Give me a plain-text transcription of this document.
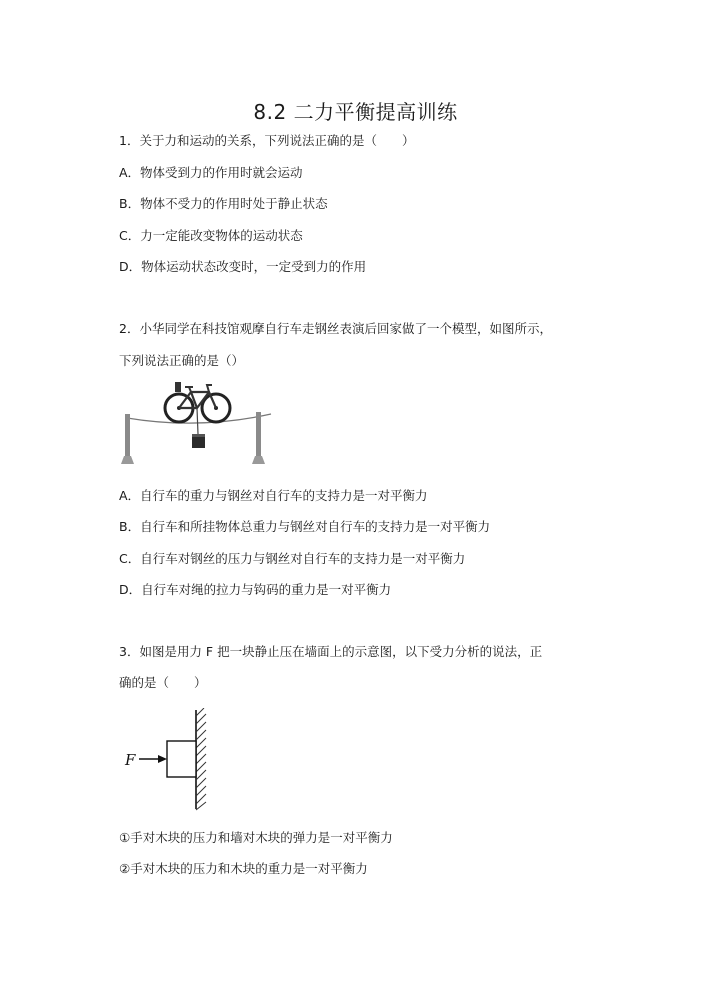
8.2 二力平衡提高训练
1．关于力和运动的关系，下列说法正确的是（　　）
A．物体受到力的作用时就会运动
B．物体不受力的作用时处于静止状态
C．力一定能改变物体的运动状态
D．物体运动状态改变时，一定受到力的作用
2．小华同学在科技馆观摩自行车走钢丝表演后回家做了一个模型，如图所示，
下列说法正确的是（）
A．自行车的重力与钢丝对自行车的支持力是一对平衡力
B．自行车和所挂物体总重力与钢丝对自行车的支持力是一对平衡力
C．自行车对钢丝的压力与钢丝对自行车的支持力是一对平衡力
D．自行车对绳的拉力与钩码的重力是一对平衡力
3．如图是用力 F 把一块静止压在墙面上的示意图，以下受力分析的说法，正
确的是（　　）
F
①手对木块的压力和墙对木块的弹力是一对平衡力
②手对木块的压力和木块的重力是一对平衡力
